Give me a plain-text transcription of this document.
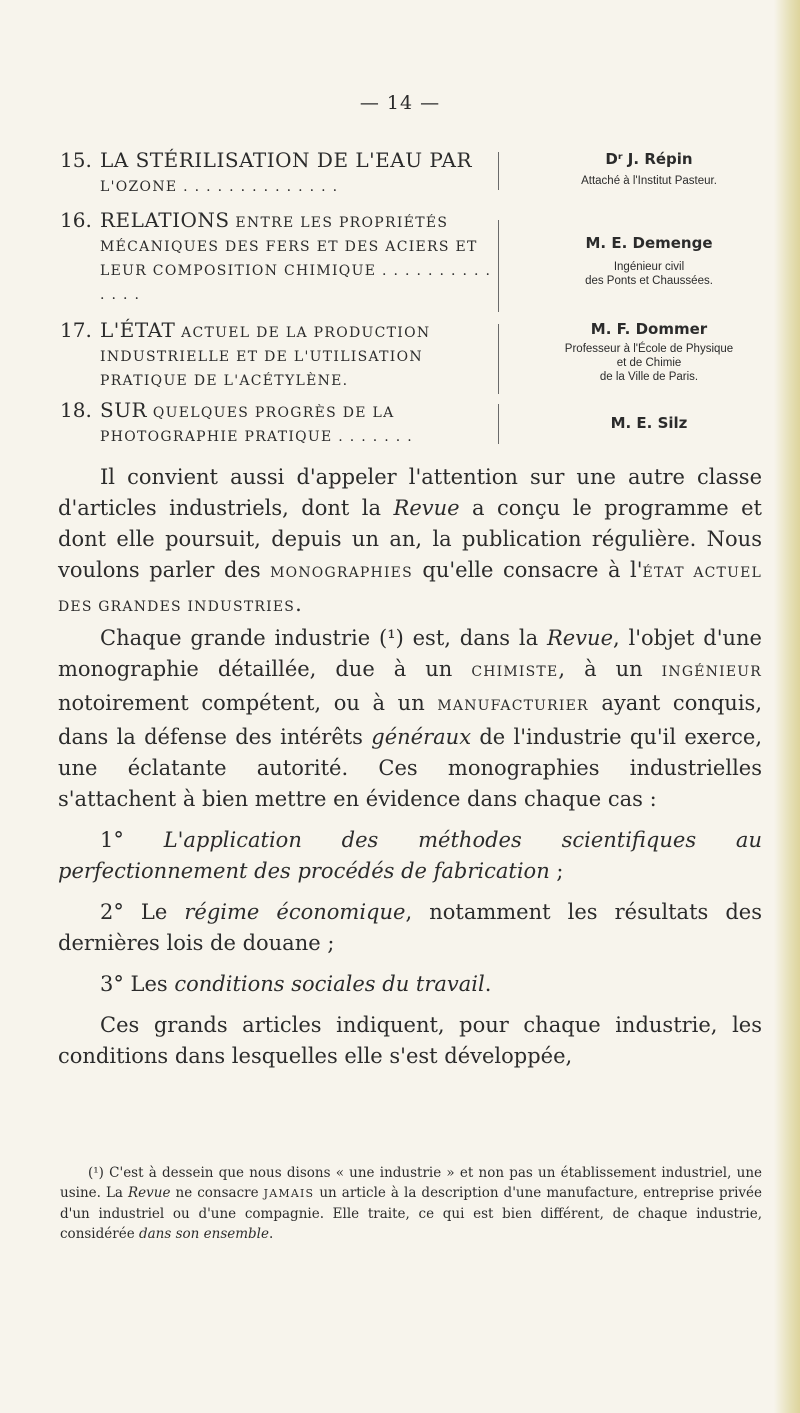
— 14 —
15. LA STÉRILISATION DE L'EAU PAR
L'OZONE . . . . . . . . . . . . . .
Dʳ J. Répin
Attaché à l'Institut Pasteur.
16. RELATIONS ENTRE LES PROPRIÉTÉS MÉCANIQUES DES FERS ET DES ACIERS ET LEUR COMPOSITION CHIMIQUE . . . . . . . . . . . . . .
M. E. Demenge
Ingénieur civil
des Ponts et Chaussées.
17. L'ÉTAT ACTUEL DE LA PRODUCTION INDUSTRIELLE ET DE L'UTILISATION PRATIQUE DE L'ACÉTYLÈNE.
M. F. Dommer
Professeur à l'École de Physique
et de Chimie
de la Ville de Paris.
18. SUR QUELQUES PROGRÈS DE LA PHOTOGRAPHIE PRATIQUE . . . . . . .
M. E. Silz

Il convient aussi d'appeler l'attention sur une autre classe d'articles industriels, dont la Revue a conçu le programme et dont elle poursuit, depuis un an, la publication régulière. Nous voulons parler des MONOGRAPHIES qu'elle consacre à l'ÉTAT ACTUEL DES GRANDES INDUSTRIES.

Chaque grande industrie (¹) est, dans la Revue, l'objet d'une monographie détaillée, due à un CHIMISTE, à un INGÉNIEUR notoirement compétent, ou à un MANUFACTURIER ayant conquis, dans la défense des intérêts généraux de l'industrie qu'il exerce, une éclatante autorité. Ces monographies industrielles s'attachent à bien mettre en évidence dans chaque cas :

1° L'application des méthodes scientifiques au perfectionnement des procédés de fabrication ;

2° Le régime économique, notamment les résultats des dernières lois de douane ;

3° Les conditions sociales du travail.

Ces grands articles indiquent, pour chaque industrie, les conditions dans lesquelles elle s'est développée,

(¹) C'est à dessein que nous disons « une industrie » et non pas un établissement industriel, une usine. La Revue ne consacre JAMAIS un article à la description d'une manufacture, entreprise privée d'un industriel ou d'une compagnie. Elle traite, ce qui est bien différent, de chaque industrie, considérée dans son ensemble.
